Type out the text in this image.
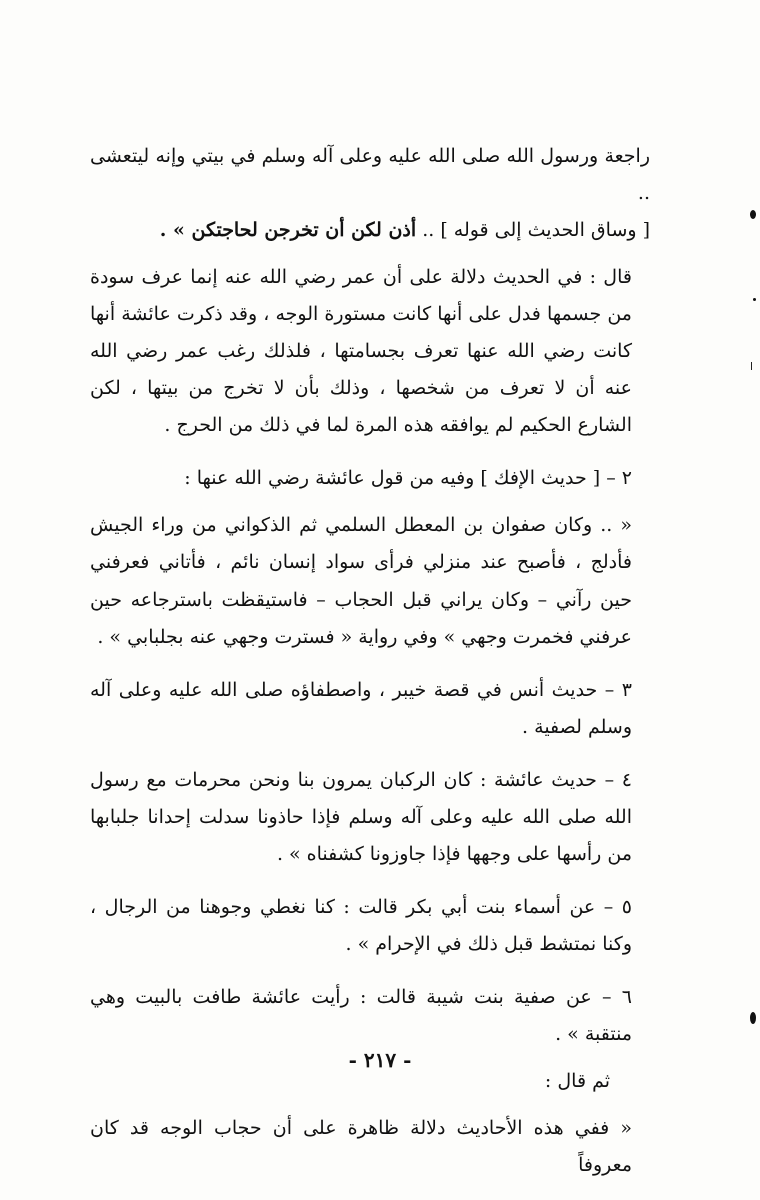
راجعة ورسول الله صلى الله عليه وعلى آله وسلم في بيتي وإنه ليتعشى ..
[ وساق الحديث إلى قوله ] .. أذن لكن أن تخرجن لحاجتكن » .
قال : في الحديث دلالة على أن عمر رضي الله عنه إنما عرف سودة من جسمها فدل على أنها كانت مستورة الوجه ، وقد ذكرت عائشة أنها كانت رضي الله عنها تعرف بجسامتها ، فلذلك رغب عمر رضي الله عنه أن لا تعرف من شخصها ، وذلك بأن لا تخرج من بيتها ، لكن الشارع الحكيم لم يوافقه هذه المرة لما في ذلك من الحرج .
٢ – [ حديث الإفك ] وفيه من قول عائشة رضي الله عنها :
« .. وكان صفوان بن المعطل السلمي ثم الذكواني من وراء الجيش فأدلج ، فأصبح عند منزلي فرأى سواد إنسان نائم ، فأتاني فعرفني حين رآني – وكان يراني قبل الحجاب – فاستيقظت باسترجاعه حين عرفني فخمرت وجهي » وفي رواية « فسترت وجهي عنه بجلبابي » .
٣ – حديث أنس في قصة خيبر ، واصطفاؤه صلى الله عليه وعلى آله وسلم لصفية .
٤ – حديث عائشة : كان الركبان يمرون بنا ونحن محرمات مع رسول الله صلى الله عليه وعلى آله وسلم فإذا حاذونا سدلت إحدانا جلبابها من رأسها على وجهها فإذا جاوزونا كشفناه » .
٥ – عن أسماء بنت أبي بكر قالت : كنا نغطي وجوهنا من الرجال ، وكنا نمتشط قبل ذلك في الإحرام » .
٦ – عن صفية بنت شيبة قالت : رأيت عائشة طافت بالبيت وهي منتقبة » .
ثم قال :
« ففي هذه الأحاديث دلالة ظاهرة على أن حجاب الوجه قد كان معروفاً
- ٢١٧ -
